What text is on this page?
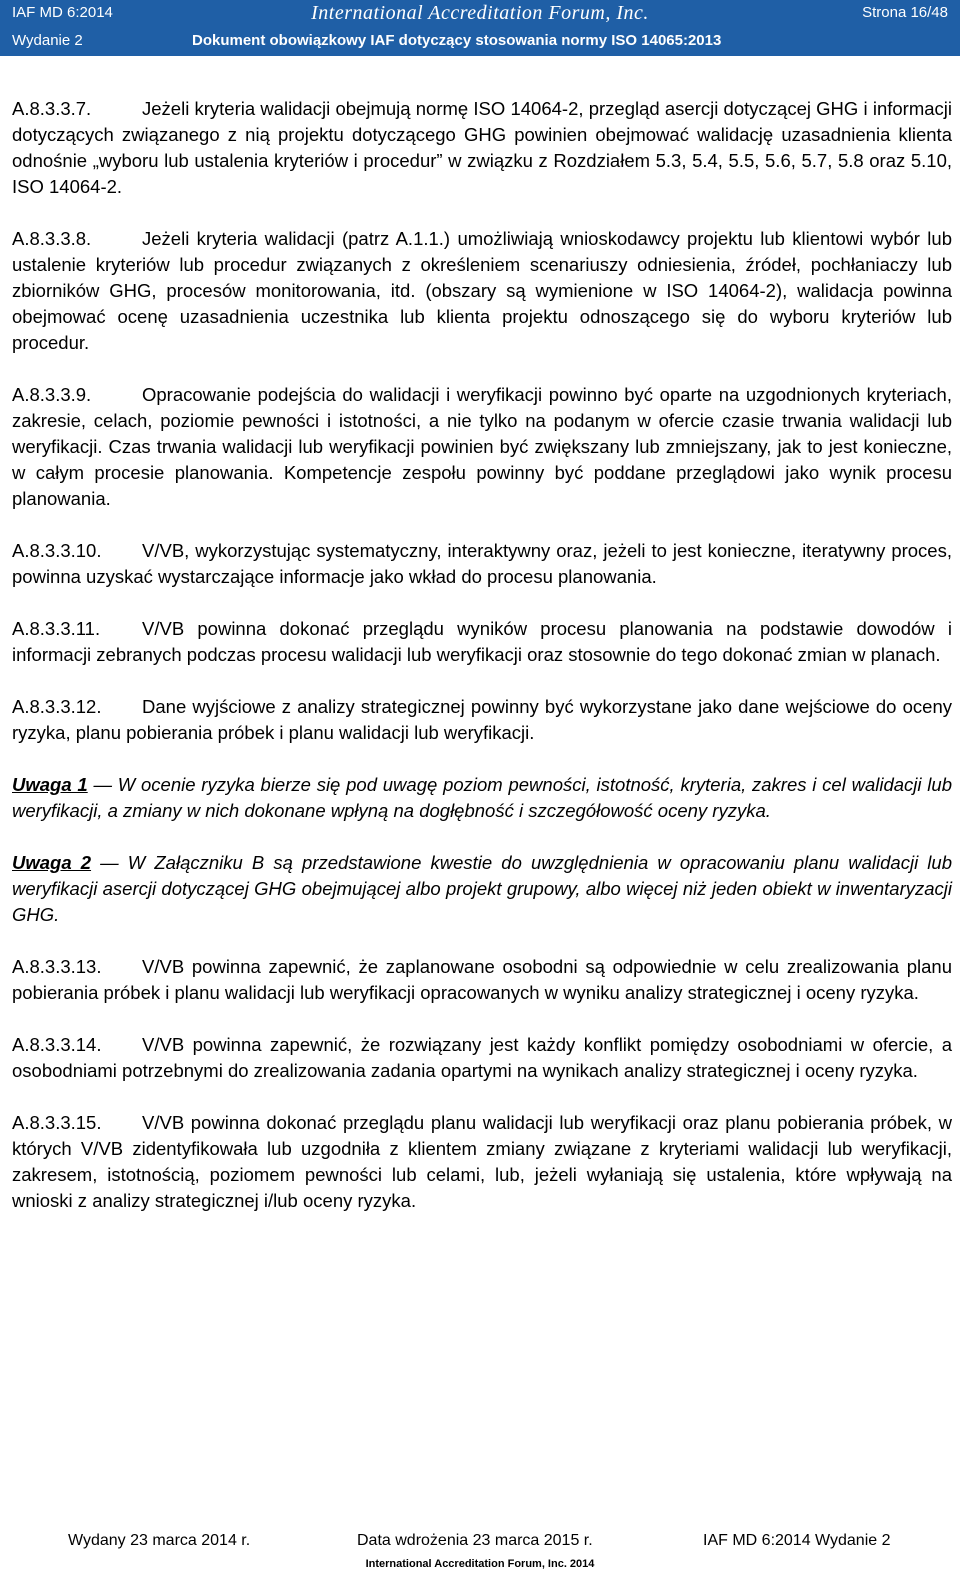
IAF MD 6:2014	International Accreditation Forum, Inc.	Strona 16/48
Wydanie 2	Dokument obowiązkowy IAF dotyczący stosowania normy ISO 14065:2013

A.8.3.3.7.	Jeżeli kryteria walidacji obejmują normę ISO 14064-2, przegląd asercji dotyczącej GHG i informacji dotyczących związanego z nią projektu dotyczącego GHG powinien obejmować walidację uzasadnienia klienta odnośnie „wyboru lub ustalenia kryteriów i procedur” w związku z Rozdziałem 5.3, 5.4, 5.5, 5.6, 5.7, 5.8 oraz 5.10, ISO 14064-2.

A.8.3.3.8.	Jeżeli kryteria walidacji (patrz A.1.1.) umożliwiają wnioskodawcy projektu lub klientowi wybór lub ustalenie kryteriów lub procedur związanych z określeniem scenariuszy odniesienia, źródeł, pochłaniaczy lub zbiorników GHG, procesów monitorowania, itd. (obszary są wymienione w ISO 14064-2), walidacja powinna obejmować ocenę uzasadnienia uczestnika lub klienta projektu odnoszącego się do wyboru kryteriów lub procedur.

A.8.3.3.9.	Opracowanie podejścia do walidacji i weryfikacji powinno być oparte na uzgodnionych kryteriach, zakresie, celach, poziomie pewności i istotności, a nie tylko na podanym w ofercie czasie trwania walidacji lub weryfikacji. Czas trwania walidacji lub weryfikacji powinien być zwiększany lub zmniejszany, jak to jest konieczne, w całym procesie planowania. Kompetencje zespołu powinny być poddane przeglądowi jako wynik procesu planowania.

A.8.3.3.10. V/VB, wykorzystując systematyczny, interaktywny oraz, jeżeli to jest konieczne, iteratywny proces, powinna uzyskać wystarczające informacje jako wkład do procesu planowania.

A.8.3.3.11. V/VB powinna dokonać przeglądu wyników procesu planowania na podstawie dowodów i informacji zebranych podczas procesu walidacji lub weryfikacji oraz stosownie do tego dokonać zmian w planach.

A.8.3.3.12. Dane wyjściowe z analizy strategicznej powinny być wykorzystane jako dane wejściowe do oceny ryzyka, planu pobierania próbek i planu walidacji lub weryfikacji.

Uwaga 1 — W ocenie ryzyka bierze się pod uwagę poziom pewności, istotność, kryteria, zakres i cel walidacji lub weryfikacji, a zmiany w nich dokonane wpłyną na dogłębność i szczegółowość oceny ryzyka.

Uwaga 2 — W Załączniku B są przedstawione kwestie do uwzględnienia w opracowaniu planu walidacji lub weryfikacji asercji dotyczącej GHG obejmującej albo projekt grupowy, albo więcej niż jeden obiekt w inwentaryzacji GHG.

A.8.3.3.13. V/VB powinna zapewnić, że zaplanowane osobodni są odpowiednie w celu zrealizowania planu pobierania próbek i planu walidacji lub weryfikacji opracowanych w wyniku analizy strategicznej i oceny ryzyka.

A.8.3.3.14. V/VB powinna zapewnić, że rozwiązany jest każdy konflikt pomiędzy osobodniami w ofercie, a osobodniami potrzebnymi do zrealizowania zadania opartymi na wynikach analizy strategicznej i oceny ryzyka.

A.8.3.3.15. V/VB powinna dokonać przeglądu planu walidacji lub weryfikacji oraz planu pobierania próbek, w których V/VB zidentyfikowała lub uzgodniła z klientem zmiany związane z kryteriami walidacji lub weryfikacji, zakresem, istotnością, poziomem pewności lub celami, lub, jeżeli wyłaniają się ustalenia, które wpływają na wnioski z analizy strategicznej i/lub oceny ryzyka.

Wydany 23 marca 2014 r.	Data wdrożenia 23 marca 2015 r.	IAF MD 6:2014 Wydanie 2
International Accreditation Forum, Inc. 2014
